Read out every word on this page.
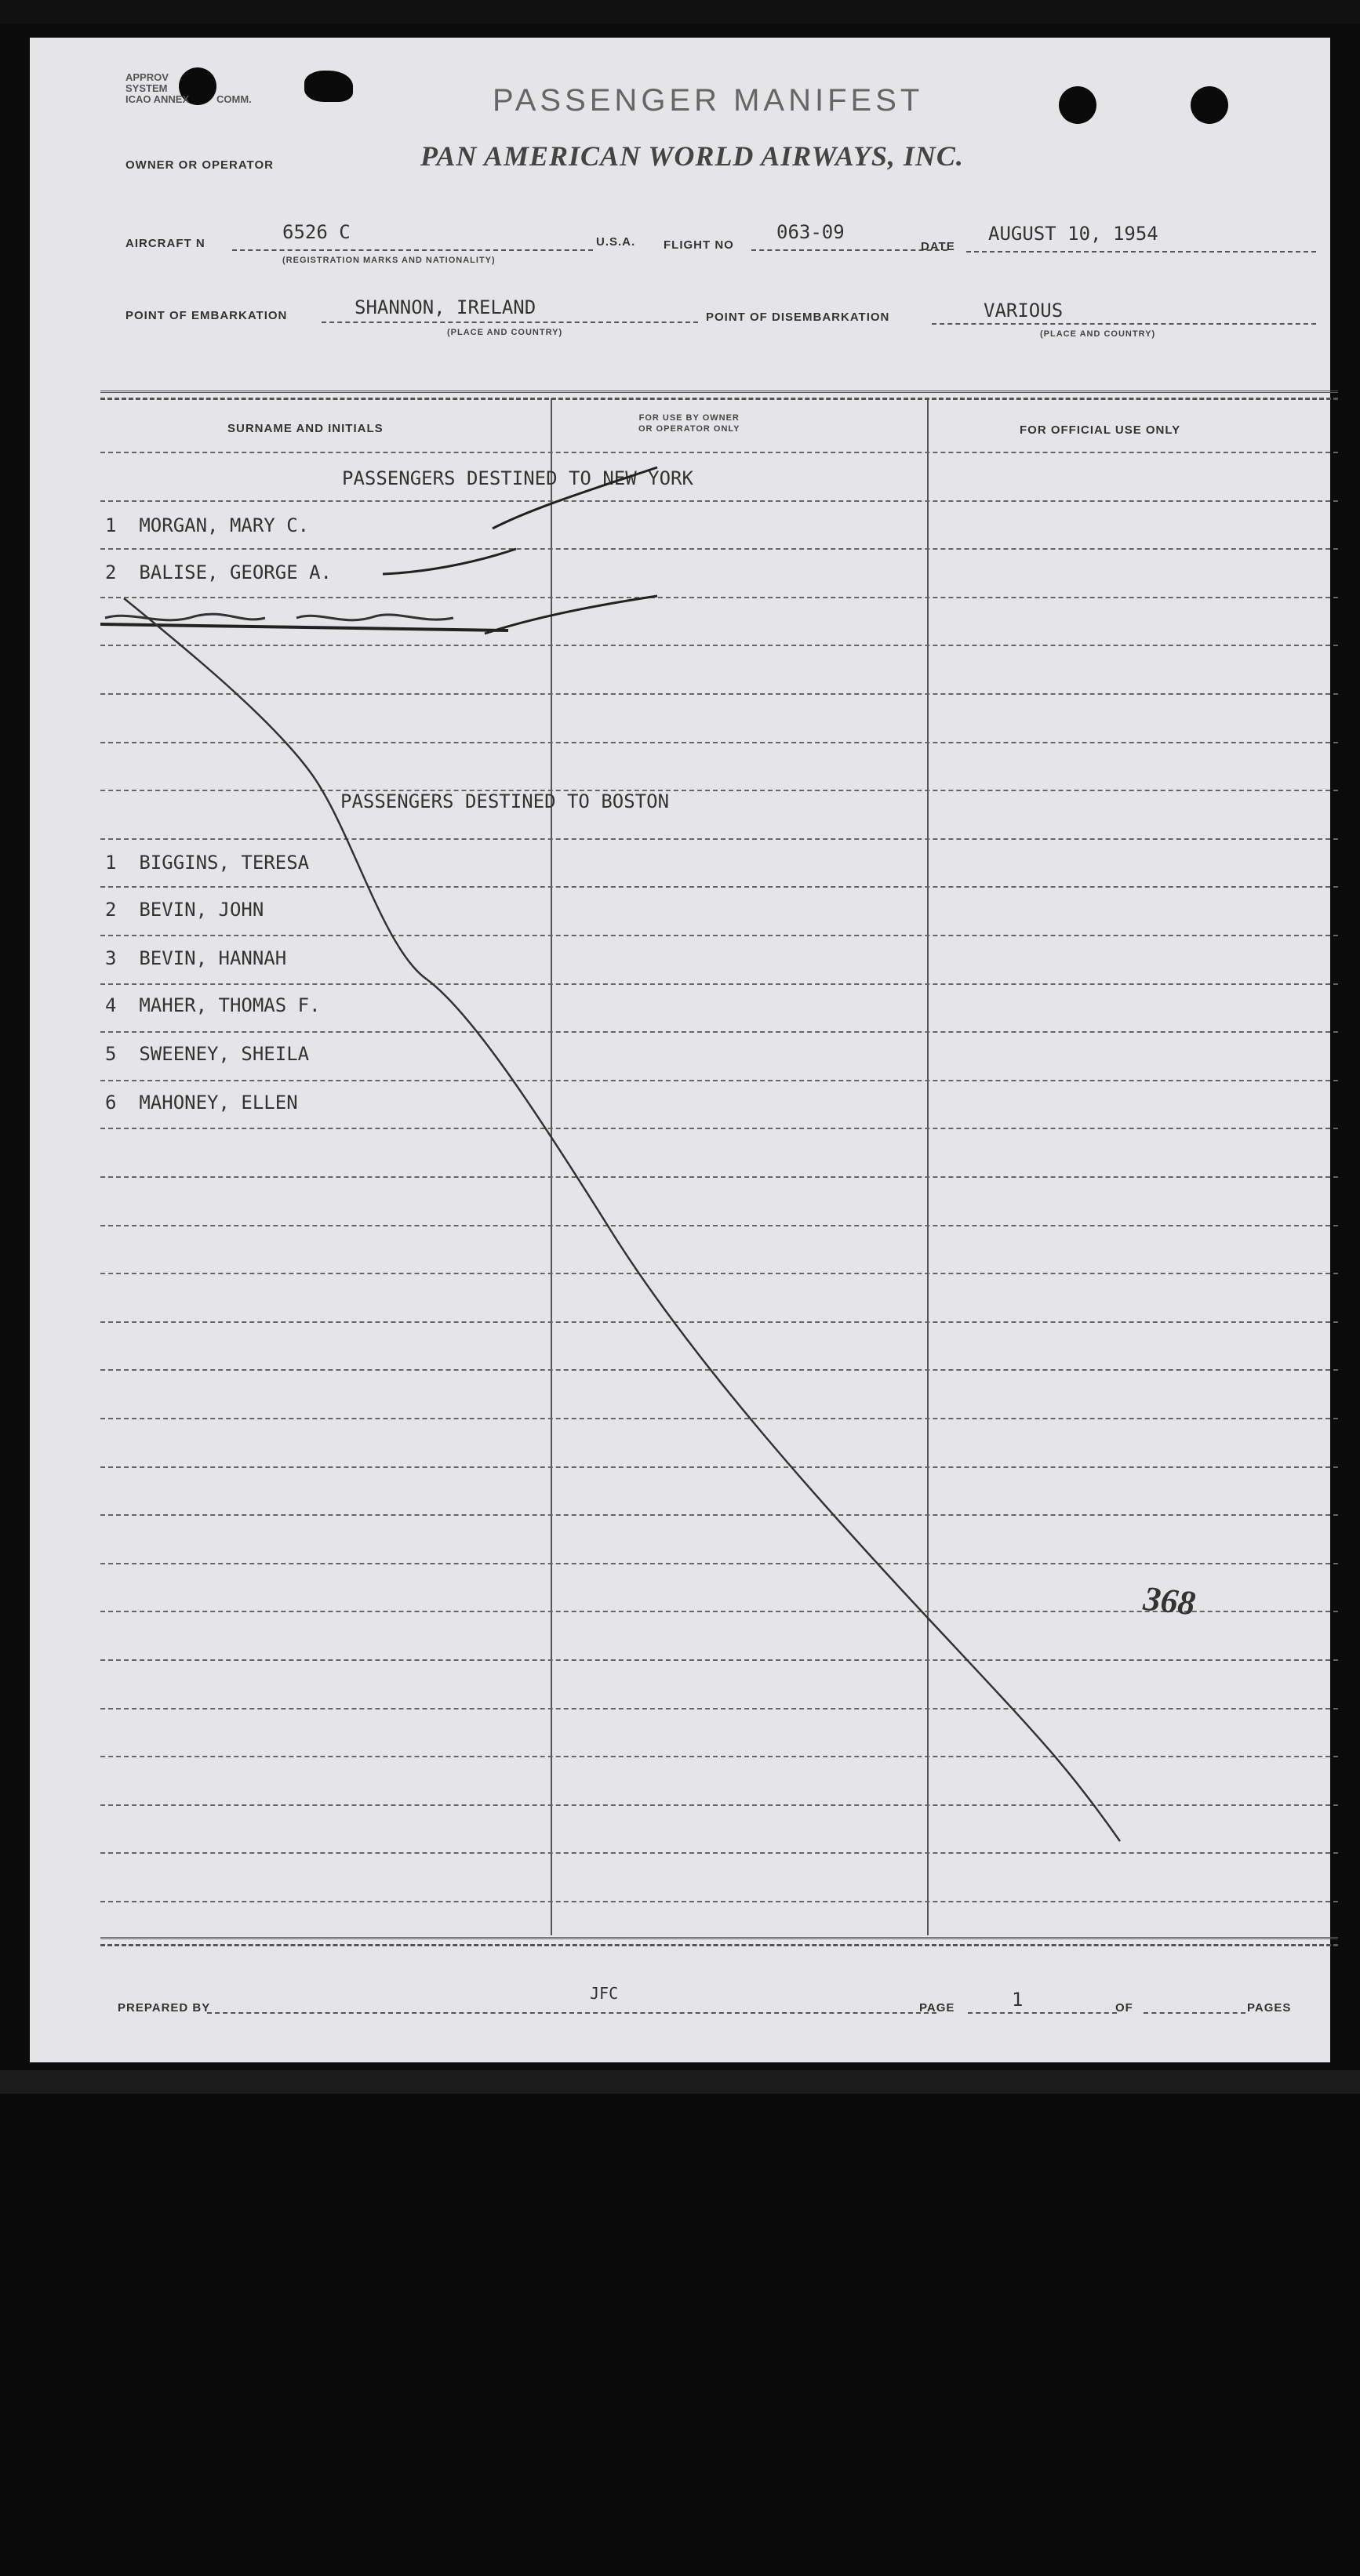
APPROV
SYSTEM
ICAO ANNEX	COMM.	PASSENGER MANIFEST
OWNER OR OPERATOR	PAN AMERICAN WORLD AIRWAYS, INC.
AIRCRAFT N
6526 C
(REGISTRATION MARKS AND NATIONALITY)
U.S.A. FLIGHT NO
063-09
DATE
AUGUST 10, 1954
POINT OF EMBARKATION	SHANNON, IRELAND
(PLACE AND COUNTRY)
POINT OF DISEMBARKATION	VARIOUS
(PLACE AND COUNTRY)
SURNAME AND INITIALS
FOR USE BY OWNER
OR OPERATOR ONLY	FOR OFFICIAL USE ONLY
PASSENGERS DESTINED TO NEW YORK
1 MORGAN, MARY C.
2 BALISE, GEORGE A.
PASSENGERS DESTINED TO BOSTON
1 BIGGINS, TERESA
2 BEVIN, JOHN
3 BEVIN, HANNAH
4 MAHER, THOMAS F.
5 SWEENEY, SHEILA
6 MAHONEY, ELLEN
368
PREPARED BY
JFC
PAGE	1	OF	PAGES
